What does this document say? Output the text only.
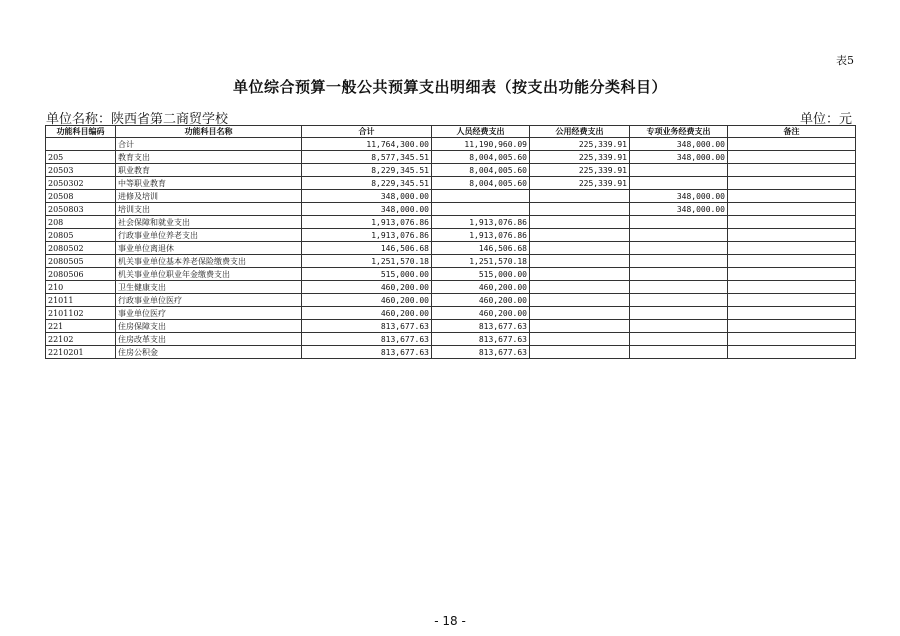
表5
单位综合预算一般公共预算支出明细表（按支出功能分类科目）
单位名称：陕西省第二商贸学校	单位：元
功能科目编码	功能科目名称	合计	人员经费支出	公用经费支出	专项业务经费支出	备注
	合计	11,764,300.00	11,190,960.09	225,339.91	348,000.00	
205	教育支出	8,577,345.51	8,004,005.60	225,339.91	348,000.00	
20503	职业教育	8,229,345.51	8,004,005.60	225,339.91		
2050302	中等职业教育	8,229,345.51	8,004,005.60	225,339.91		
20508	进修及培训	348,000.00			348,000.00	
2050803	培训支出	348,000.00			348,000.00	
208	社会保障和就业支出	1,913,076.86	1,913,076.86			
20805	行政事业单位养老支出	1,913,076.86	1,913,076.86			
2080502	事业单位离退休	146,506.68	146,506.68			
2080505	机关事业单位基本养老保险缴费支出	1,251,570.18	1,251,570.18			
2080506	机关事业单位职业年金缴费支出	515,000.00	515,000.00			
210	卫生健康支出	460,200.00	460,200.00			
21011	行政事业单位医疗	460,200.00	460,200.00			
2101102	事业单位医疗	460,200.00	460,200.00			
221	住房保障支出	813,677.63	813,677.63			
22102	住房改革支出	813,677.63	813,677.63			
2210201	住房公积金	813,677.63	813,677.63			
- 18 -
